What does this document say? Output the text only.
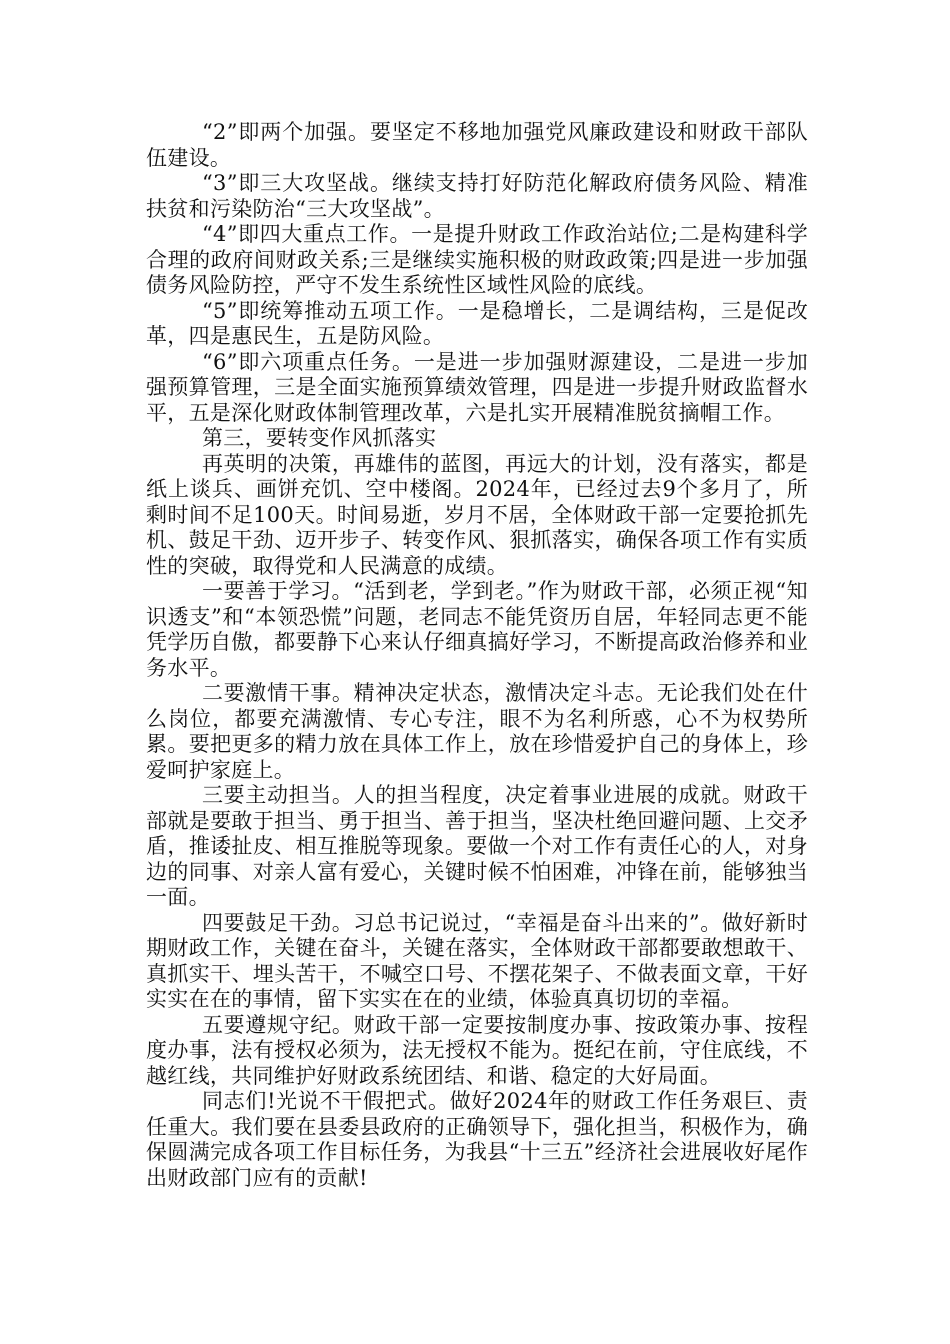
“2”即两个加强。要坚定不移地加强党风廉政建设和财政干部队伍建设。

“3”即三大攻坚战。继续支持打好防范化解政府债务风险、精准扶贫和污染防治“三大攻坚战”。

“4”即四大重点工作。一是提升财政工作政治站位;二是构建科学合理的政府间财政关系;三是继续实施积极的财政政策;四是进一步加强债务风险防控，严守不发生系统性区域性风险的底线。

“5”即统筹推动五项工作。一是稳增长，二是调结构，三是促改革，四是惠民生，五是防风险。

“6”即六项重点任务。一是进一步加强财源建设，二是进一步加强预算管理，三是全面实施预算绩效管理，四是进一步提升财政监督水平，五是深化财政体制管理改革，六是扎实开展精准脱贫摘帽工作。

第三，要转变作风抓落实

再英明的决策，再雄伟的蓝图，再远大的计划，没有落实，都是纸上谈兵、画饼充饥、空中楼阁。2024年，已经过去9个多月了，所剩时间不足100天。时间易逝，岁月不居，全体财政干部一定要抢抓先机、鼓足干劲、迈开步子、转变作风、狠抓落实，确保各项工作有实质性的突破，取得党和人民满意的成绩。

一要善于学习。“活到老，学到老。”作为财政干部，必须正视“知识透支”和“本领恐慌”问题，老同志不能凭资历自居，年轻同志更不能凭学历自傲，都要静下心来认仔细真搞好学习，不断提高政治修养和业务水平。

二要激情干事。精神决定状态，激情决定斗志。无论我们处在什么岗位，都要充满激情、专心专注，眼不为名利所惑，心不为权势所累。要把更多的精力放在具体工作上，放在珍惜爱护自己的身体上，珍爱呵护家庭上。

三要主动担当。人的担当程度，决定着事业进展的成就。财政干部就是要敢于担当、勇于担当、善于担当，坚决杜绝回避问题、上交矛盾，推诿扯皮、相互推脱等现象。要做一个对工作有责任心的人，对身边的同事、对亲人富有爱心，关键时候不怕困难，冲锋在前，能够独当一面。

四要鼓足干劲。习总书记说过，“幸福是奋斗出来的”。做好新时期财政工作，关键在奋斗，关键在落实，全体财政干部都要敢想敢干、真抓实干、埋头苦干，不喊空口号、不摆花架子、不做表面文章，干好实实在在的事情，留下实实在在的业绩，体验真真切切的幸福。

五要遵规守纪。财政干部一定要按制度办事、按政策办事、按程度办事，法有授权必须为，法无授权不能为。挺纪在前，守住底线，不越红线，共同维护好财政系统团结、和谐、稳定的大好局面。

同志们!光说不干假把式。做好2024年的财政工作任务艰巨、责任重大。我们要在县委县政府的正确领导下，强化担当，积极作为，确保圆满完成各项工作目标任务，为我县“十三五”经济社会进展收好尾作出财政部门应有的贡献!
